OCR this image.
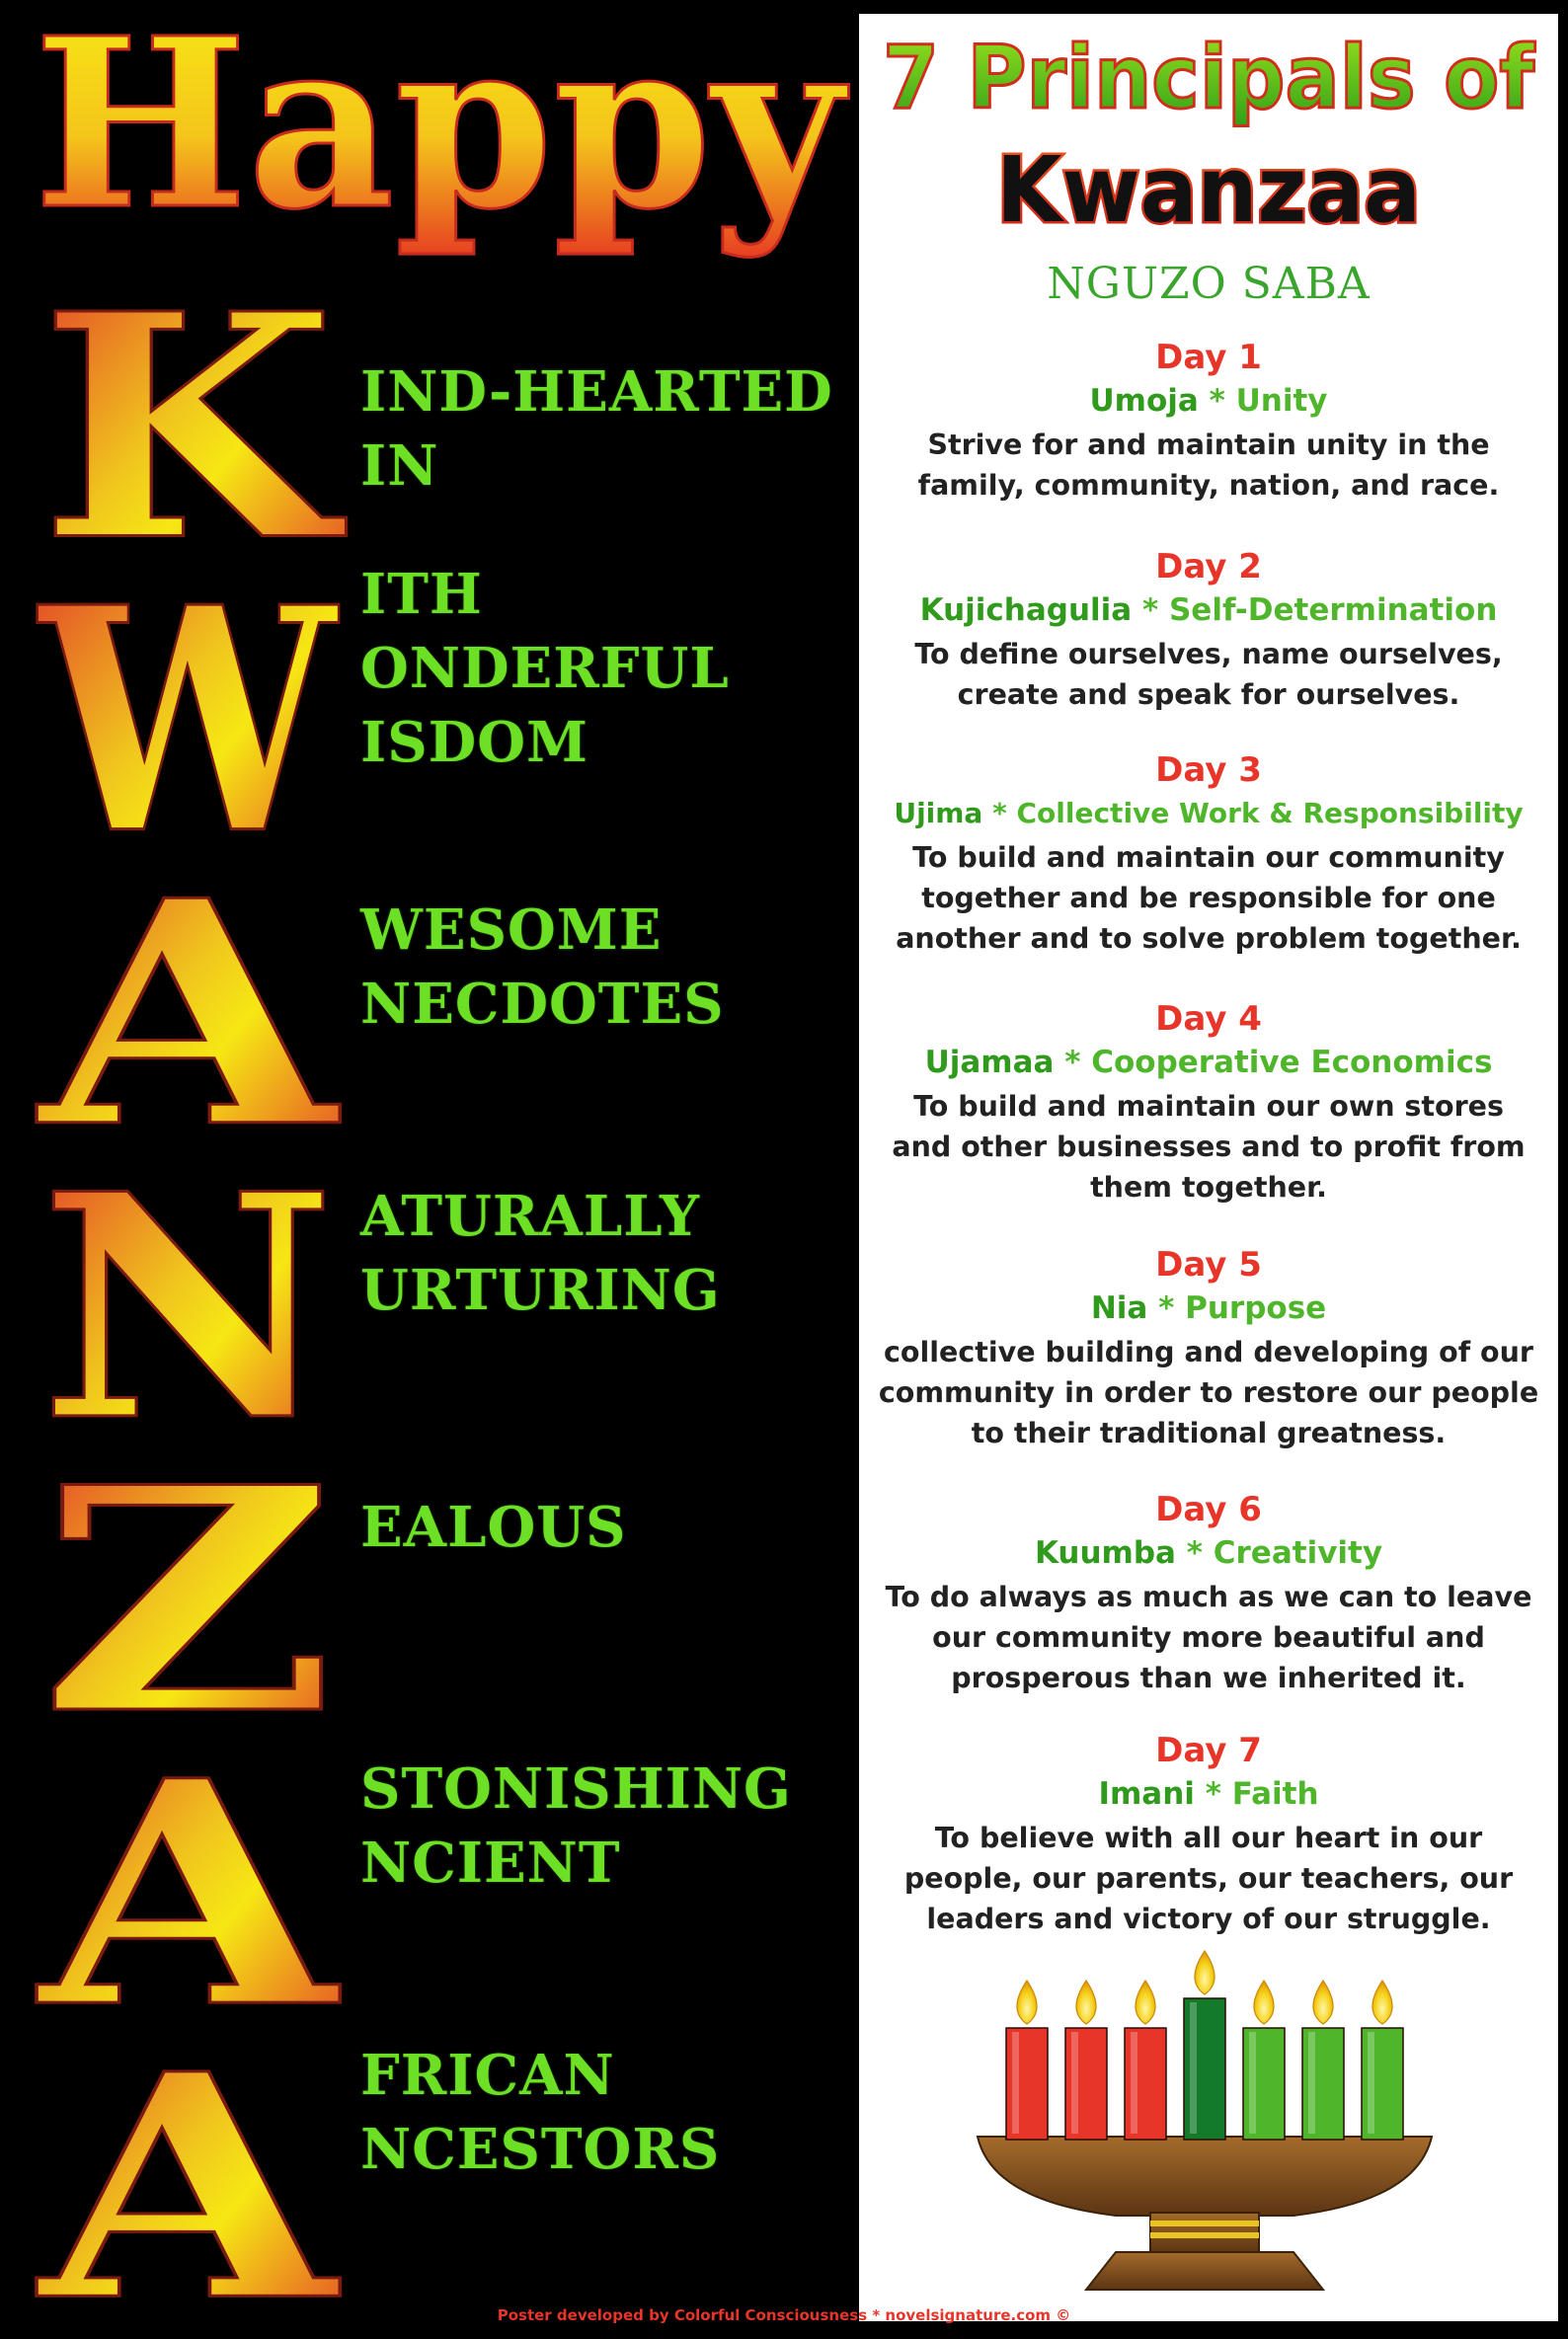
Happy
K
W
A
N
Z
A
A
IND-HEARTED
IN
ITH
ONDERFUL
ISDOM
WESOME
NECDOTES
ATURALLY
URTURING
EALOUS
STONISHING
NCIENT
FRICAN
NCESTORS
7 Principals of
Kwanzaa
NGUZO SABA
Day 1
Umoja * Unity
Strive for and maintain unity in the
family, community, nation, and race.
Day 2
Kujichagulia * Self-Determination
To define ourselves, name ourselves,
create and speak for ourselves.
Day 3
Ujima * Collective Work & Responsibility
To build and maintain our community
together and be responsible for one
another and to solve problem together.
Day 4
Ujamaa * Cooperative Economics
To build and maintain our own stores
and other businesses and to profit from
them together.
Day 5
Nia * Purpose
collective building and developing of our
community in order to restore our people
to their traditional greatness.
Day 6
Kuumba * Creativity
To do always as much as we can to leave
our community more beautiful and
prosperous than we inherited it.
Day 7
Imani * Faith
To believe with all our heart in our
people, our parents, our teachers, our
leaders and victory of our struggle.
Poster developed by Colorful Consciousness * novelsignature.com ©
